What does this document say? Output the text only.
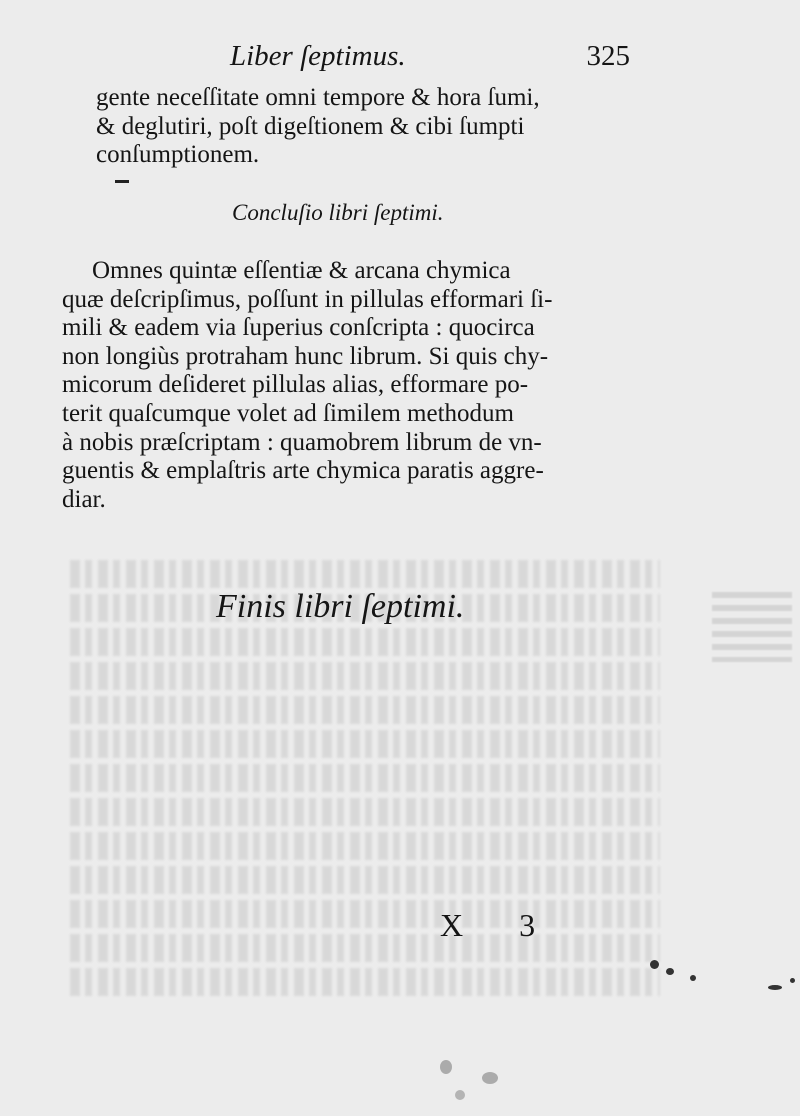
Liber ſeptimus.	325
gente neceſſitate omni tempore & hora ſumi,
& deglutiri, poſt digeſtionem & cibi ſumpti
conſumptionem.
Concluſio libri ſeptimi.
Omnes quintæ eſſentiæ & arcana chymica
quæ deſcripſimus, poſſunt in pillulas efformari ſi-
mili & eadem via ſuperius conſcripta : quocirca
non longiùs protraham hunc librum. Si quis chy-
micorum deſideret pillulas alias, efformare po-
terit quaſcumque volet ad ſimilem methodum
à nobis præſcriptam : quamobrem librum de vn-
guentis & emplaſtris arte chymica paratis aggre-
diar.
Finis libri ſeptimi.
X 3
